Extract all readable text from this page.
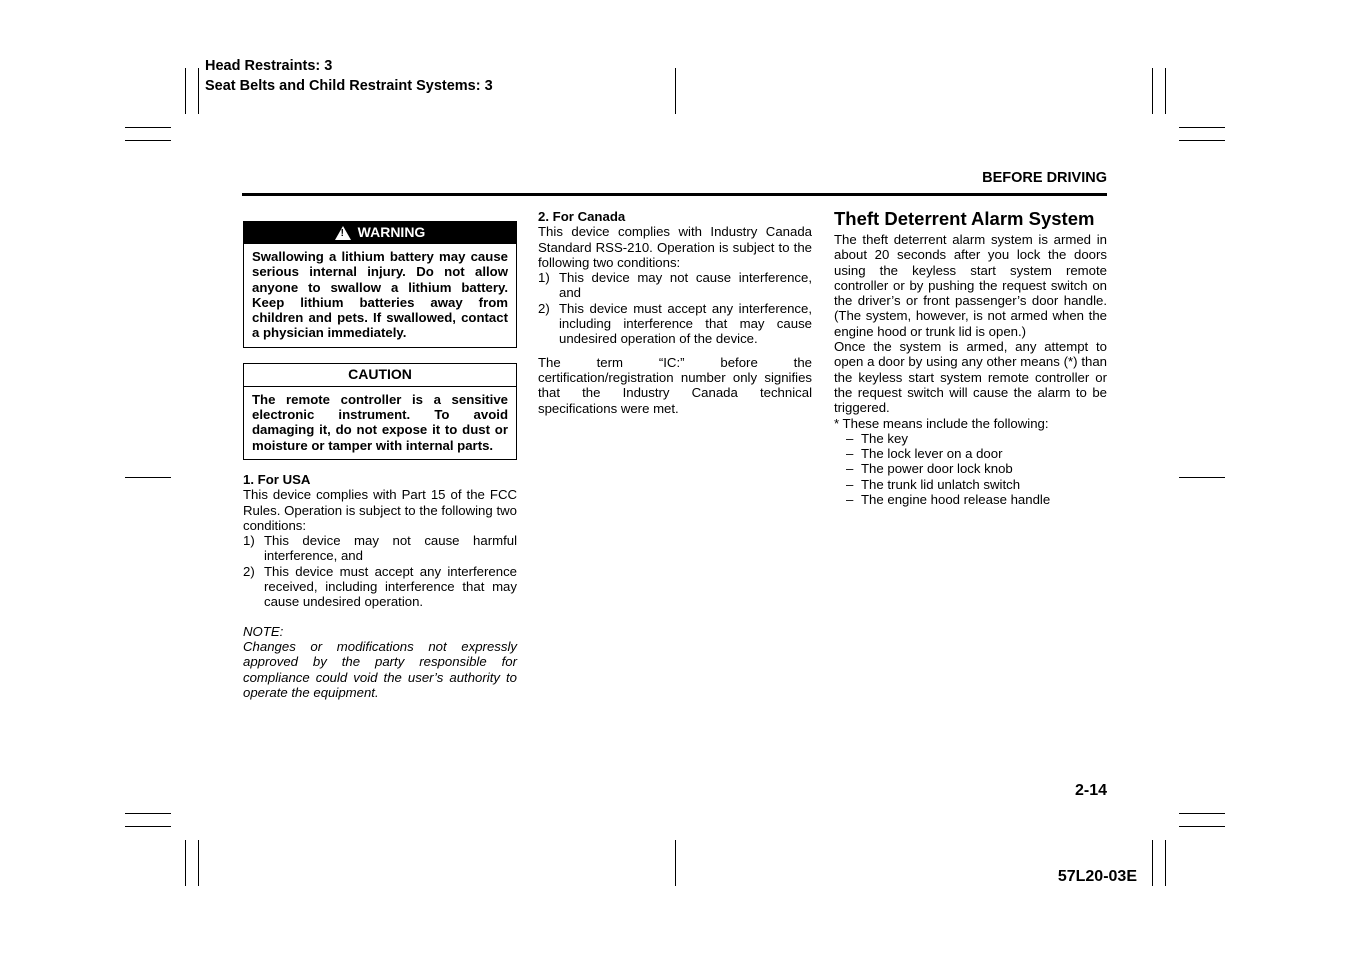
Head Restraints: 3
Seat Belts and Child Restraint Systems: 3
BEFORE DRIVING
! WARNING
Swallowing a lithium battery may cause serious internal injury. Do not allow anyone to swallow a lithium battery. Keep lithium batteries away from children and pets. If swallowed, contact a physician immediately.
CAUTION
The remote controller is a sensitive electronic instrument. To avoid damaging it, do not expose it to dust or moisture or tamper with internal parts.

1. For USA

This device complies with Part 15 of the FCC Rules. Operation is subject to the following two conditions:

1) This device may not cause harmful interference, and
2) This device must accept any interference received, including interference that may cause undesired operation.

NOTE:

Changes or modifications not expressly approved by the party responsible for compliance could void the user’s authority to operate the equipment.

2. For Canada

This device complies with Industry Canada Standard RSS-210. Operation is subject to the following two conditions:

1) This device may not cause interference, and
2) This device must accept any interference, including interference that may cause undesired operation of the device.

The term “IC:” before the certification/registration number only signifies that the Industry Canada technical specifications were met.

Theft Deterrent Alarm System

The theft deterrent alarm system is armed in about 20 seconds after you lock the doors using the keyless start system remote controller or by pushing the request switch on the driver’s or front passenger’s door handle. (The system, however, is not armed when the engine hood or trunk lid is open.)

Once the system is armed, any attempt to open a door by using any other means (*) than the keyless start system remote controller or the request switch will cause the alarm to be triggered.

* These means include the following:

– The key
– The lock lever on a door
– The power door lock knob
– The trunk lid unlatch switch
– The engine hood release handle
2-14
57L20-03E
